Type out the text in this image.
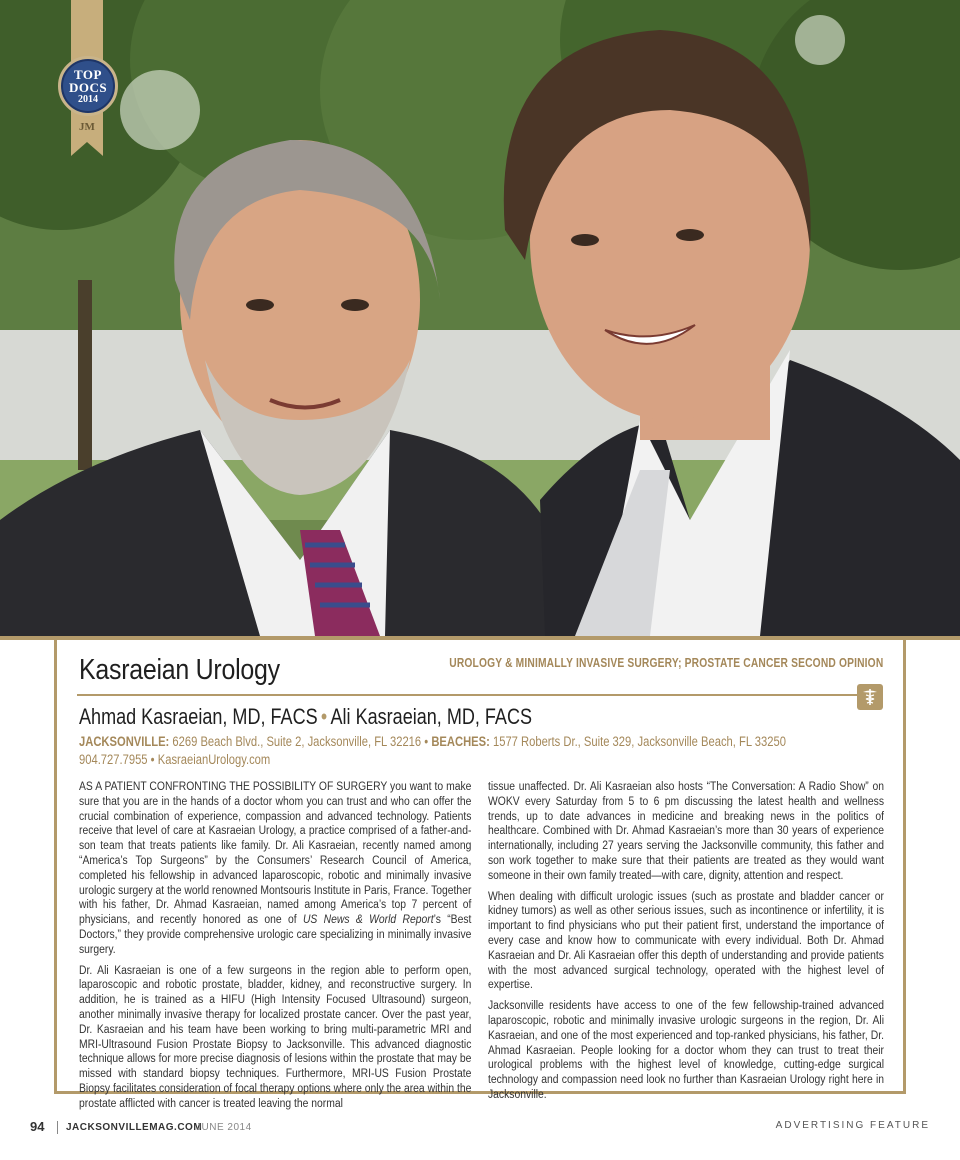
TOP
DOCS
2014
JM
Kasraeian Urology	UROLOGY & MINIMALLY INVASIVE SURGERY; PROSTATE CANCER SECOND OPINION
Ahmad Kasraeian, MD, FACS • Ali Kasraeian, MD, FACS
JACKSONVILLE: 6269 Beach Blvd., Suite 2, Jacksonville, FL 32216 • BEACHES: 1577 Roberts Dr., Suite 329, Jacksonville Beach, FL 33250
904.727.7955 • KasraeianUrology.com

AS A PATIENT CONFRONTING THE POSSIBILITY OF SURGERY you want to make sure that you are in the hands of a doctor whom you can trust and who can offer the crucial combination of experience, compassion and advanced technology. Patients receive that level of care at Kasraeian Urology, a practice comprised of a father-and-son team that treats patients like family. Dr. Ali Kasraeian, recently named among “America’s Top Surgeons” by the Consumers’ Research Council of America, completed his fellowship in advanced laparoscopic, robotic and minimally invasive urologic surgery at the world renowned Montsouris Institute in Paris, France. Together with his father, Dr. Ahmad Kasraeian, named among America’s top 7 percent of physicians, and recently honored as one of US News & World Report’s “Best Doctors,” they provide comprehensive urologic care specializing in minimally invasive surgery.

Dr. Ali Kasraeian is one of a few surgeons in the region able to perform open, laparoscopic and robotic prostate, bladder, kidney, and reconstructive surgery. In addition, he is trained as a HIFU (High Intensity Focused Ultrasound) surgeon, another minimally invasive therapy for localized prostate cancer. Over the past year, Dr. Kasraeian and his team have been working to bring multi-parametric MRI and MRI-Ultrasound Fusion Prostate Biopsy to Jacksonville. This advanced diagnostic technique allows for more precise diagnosis of lesions within the prostate that may be missed with standard biopsy techniques. Furthermore, MRI-US Fusion Prostate Biopsy facilitates consideration of focal therapy options where only the area within the prostate afflicted with cancer is treated leaving the normal

tissue unaffected. Dr. Ali Kasraeian also hosts “The Conversation: A Radio Show” on WOKV every Saturday from 5 to 6 pm discussing the latest health and wellness trends, up to date advances in medicine and breaking news in the politics of healthcare. Combined with Dr. Ahmad Kasraeian’s more than 30 years of experience internationally, including 27 years serving the Jacksonville community, this father and son work together to make sure that their patients are treated as they would want someone in their own family treated—with care, dignity, attention and respect.

When dealing with difficult urologic issues (such as prostate and bladder cancer or kidney tumors) as well as other serious issues, such as incontinence or infertility, it is important to find physicians who put their patient first, understand the importance of every case and know how to communicate with every individual. Both Dr. Ahmad Kasraeian and Dr. Ali Kasraeian offer this depth of understanding and provide patients with the most advanced surgical technology, operated with the highest level of expertise.

Jacksonville residents have access to one of the few fellowship-trained advanced laparoscopic, robotic and minimally invasive urologic surgeons in the region, Dr. Ali Kasraeian, and one of the most experienced and top-ranked physicians, his father, Dr. Ahmad Kasraeian. People looking for a doctor whom they can trust to treat their urological problems with the highest level of knowledge, cutting-edge surgical technology and compassion need look no further than Kasraeian Urology right here in Jacksonville.

94 JACKSONVILLEMAG.COM
JUNE 2014	ADVERTISING FEATURE
